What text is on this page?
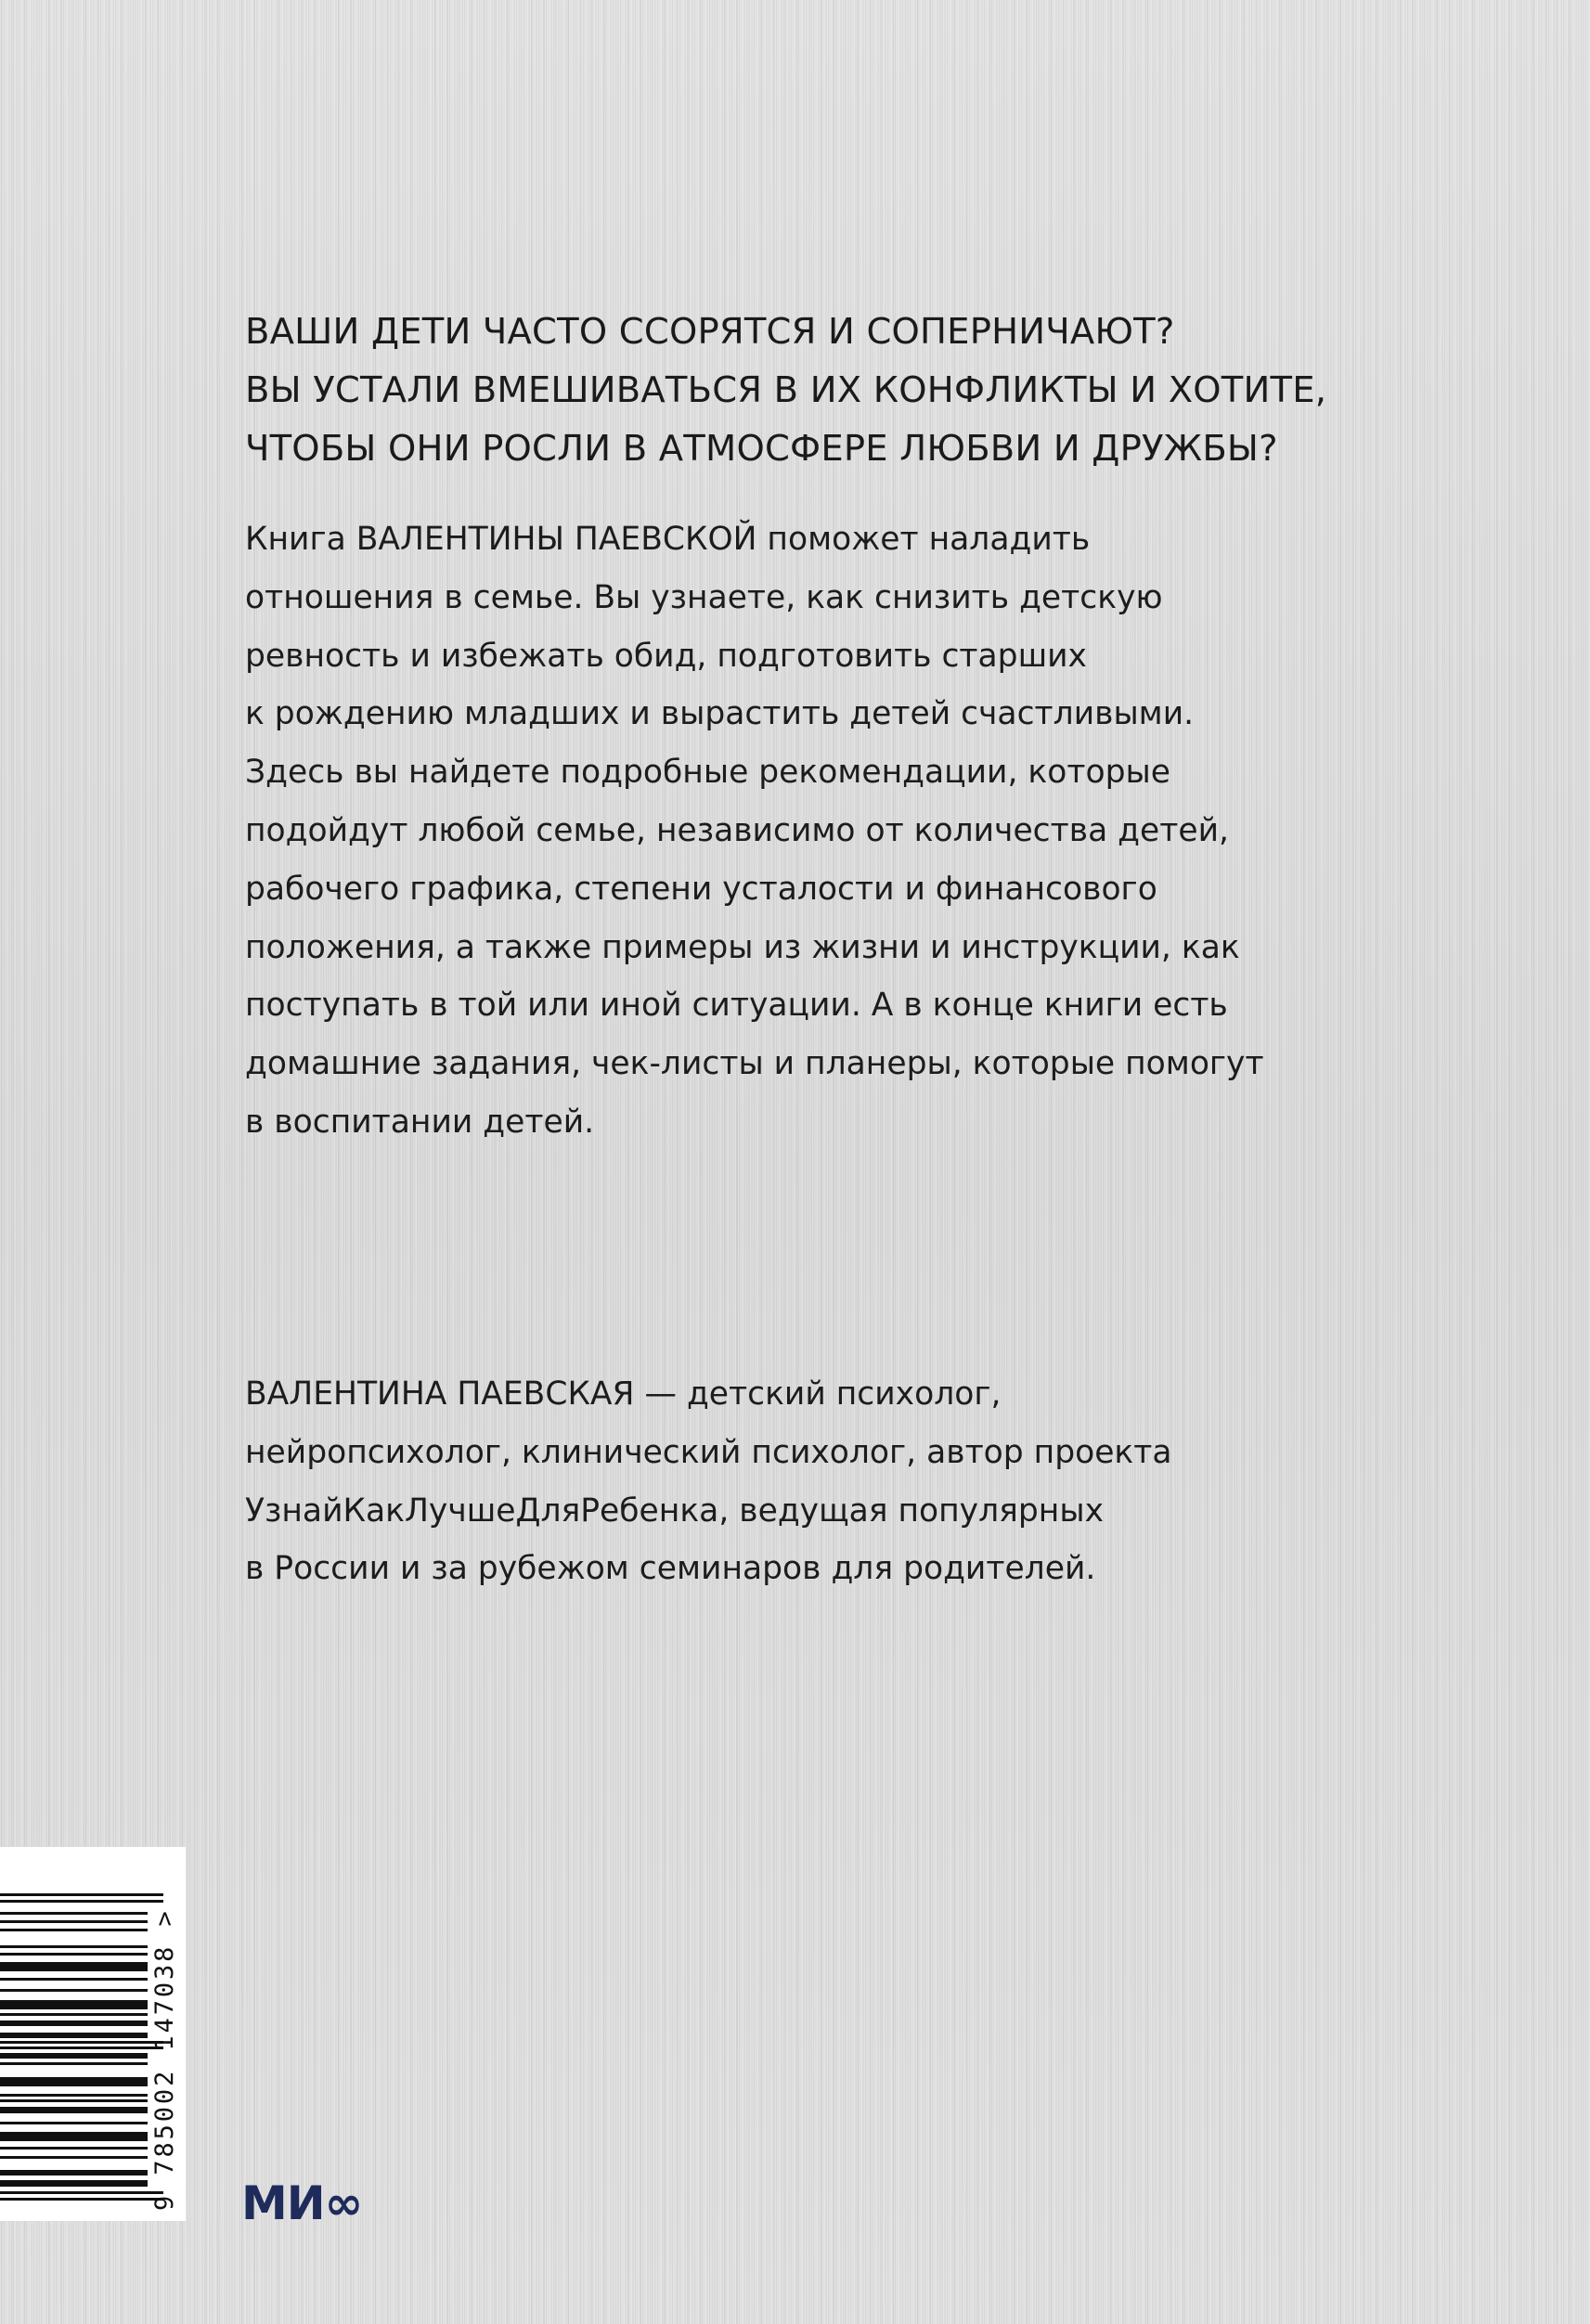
ВАШИ ДЕТИ ЧАСТО ССОРЯТСЯ И СОПЕРНИЧАЮТ?
ВЫ УСТАЛИ ВМЕШИВАТЬСЯ В ИХ КОНФЛИКТЫ И ХОТИТЕ,
ЧТОБЫ ОНИ РОСЛИ В АТМОСФЕРЕ ЛЮБВИ И ДРУЖБЫ?

Книга ВАЛЕНТИНЫ ПАЕВСКОЙ поможет наладить
отношения в семье. Вы узнаете, как снизить детскую
ревность и избежать обид, подготовить старших
к рождению младших и вырастить детей счастливыми.
Здесь вы найдете подробные рекомендации, которые
подойдут любой семье, независимо от количества детей,
рабочего графика, степени усталости и финансового
положения, а также примеры из жизни и инструкции, как
поступать в той или иной ситуации. А в конце книги есть
домашние задания, чек-листы и планеры, которые помогут
в воспитании детей.

ВАЛЕНТИНА ПАЕВСКАЯ — детский психолог,
нейропсихолог, клинический психолог, автор проекта
УзнайКакЛучшеДляРебенка, ведущая популярных
в России и за рубежом семинаров для родителей.

9 785002 147038 > МИ∞
